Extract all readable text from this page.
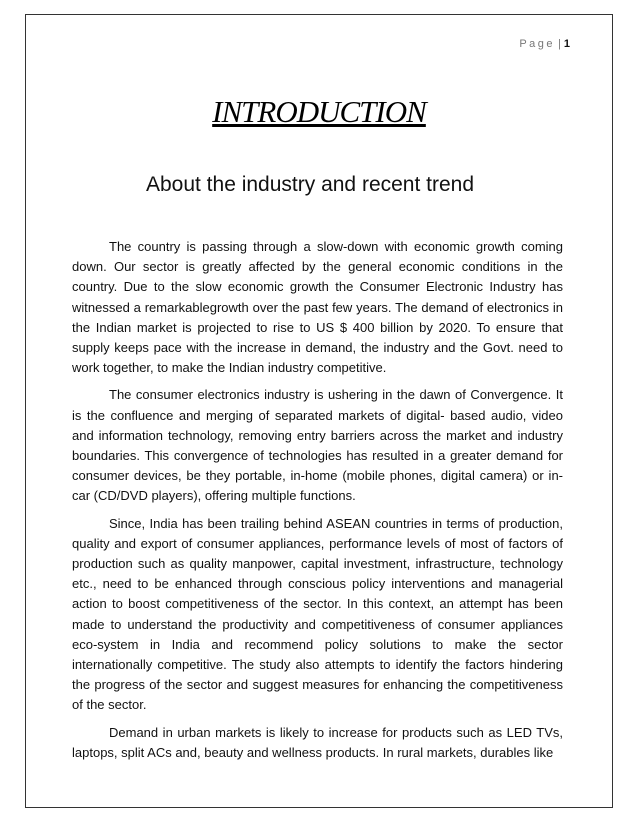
Page | 1
INTRODUCTION
About the industry and recent trend

The country is passing through a slow-down with economic growth coming down. Our sector is greatly affected by the general economic conditions in the country. Due to the slow economic growth the Consumer Electronic Industry has witnessed a remarkablegrowth over the past few years. The demand of electronics in the Indian market is projected to rise to US $ 400 billion by 2020. To ensure that supply keeps pace with the increase in demand, the industry and the Govt. need to work together, to make the Indian industry competitive.

The consumer electronics industry is ushering in the dawn of Convergence. It is the confluence and merging of separated markets of digital- based audio, video and information technology, removing entry barriers across the market and industry boundaries. This convergence of technologies has resulted in a greater demand for consumer devices, be they portable, in-home (mobile phones, digital camera) or in-car (CD/DVD players), offering multiple functions.

Since, India has been trailing behind ASEAN countries in terms of production, quality and export of consumer appliances, performance levels of most of factors of production such as quality manpower, capital investment, infrastructure, technology etc., need to be enhanced through conscious policy interventions and managerial action to boost competitiveness of the sector. In this context, an attempt has been made to understand the productivity and competitiveness of consumer appliances eco-system in India and recommend policy solutions to make the sector internationally competitive. The study also attempts to identify the factors hindering the progress of the sector and suggest measures for enhancing the competitiveness of the sector.

Demand in urban markets is likely to increase for products such as LED TVs, laptops, split ACs and, beauty and wellness products. In rural markets, durables like
